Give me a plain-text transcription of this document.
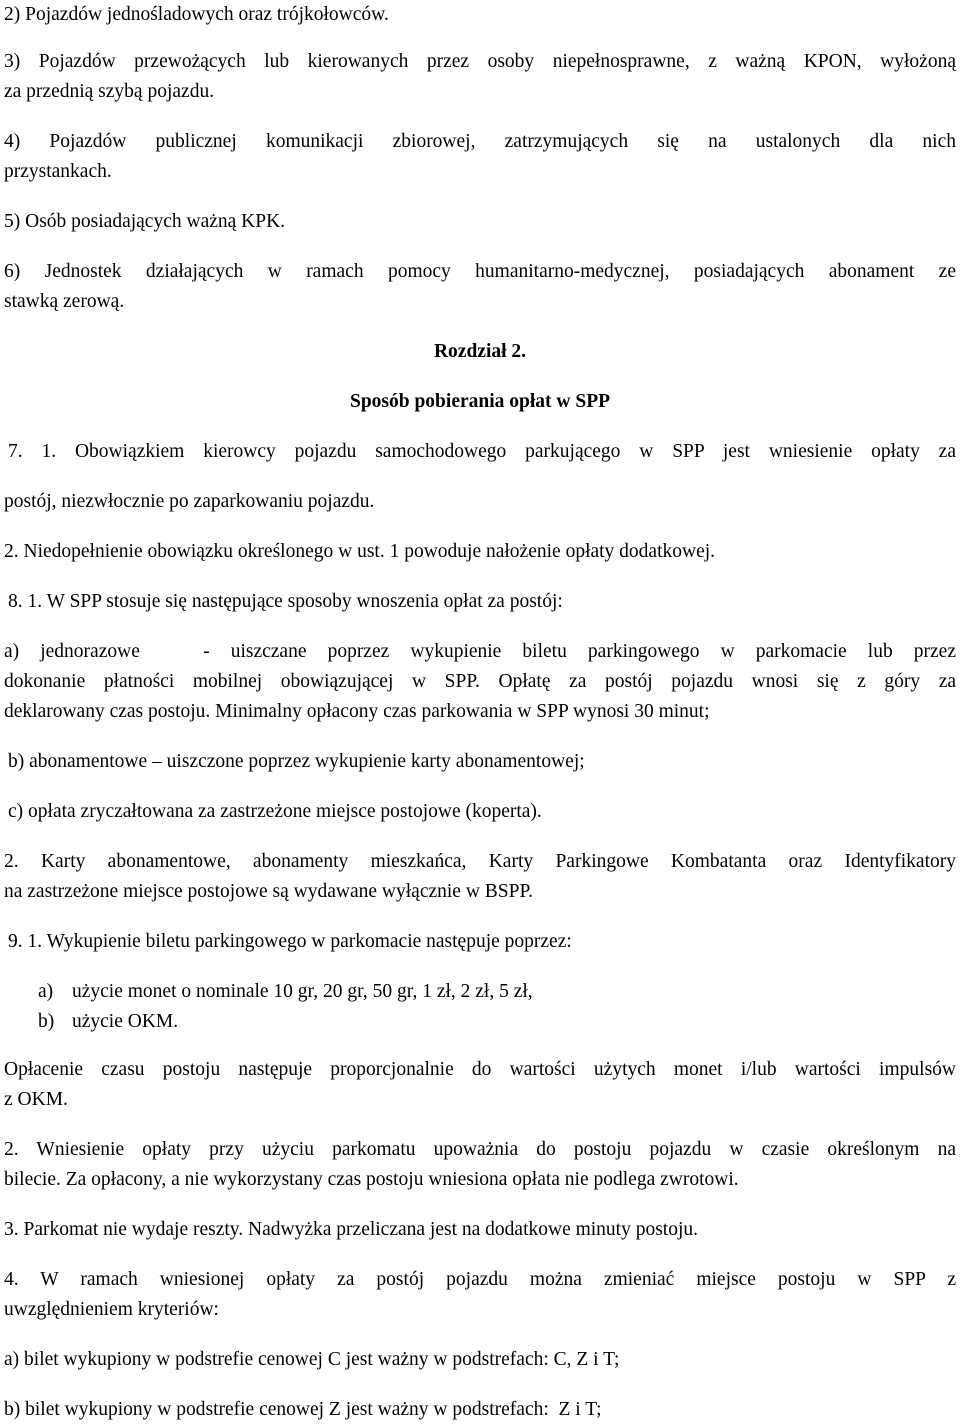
2) Pojazdów jednośladowych oraz trójkołowców.

3) Pojazdów przewożących lub kierowanych przez osoby niepełnosprawne, z ważną KPON, wyłożoną

za przednią szybą pojazdu.

4) Pojazdów publicznej komunikacji zbiorowej, zatrzymujących się na ustalonych dla nich

przystankach.

5) Osób posiadających ważną KPK.

6) Jednostek działających w ramach pomocy humanitarno-medycznej, posiadających abonament ze

stawką zerową.

Rozdział 2.

Sposób pobierania opłat w SPP

7. 1. Obowiązkiem kierowcy pojazdu samochodowego parkującego w SPP jest wniesienie opłaty za

postój, niezwłocznie po zaparkowaniu pojazdu.

2. Niedopełnienie obowiązku określonego w ust. 1 powoduje nałożenie opłaty dodatkowej.

8. 1. W SPP stosuje się następujące sposoby wnoszenia opłat za postój:

a) jednorazowe   - uiszczane poprzez wykupienie biletu parkingowego w parkomacie lub przez

dokonanie płatności mobilnej obowiązującej w SPP. Opłatę za postój pojazdu wnosi się z góry za

deklarowany czas postoju. Minimalny opłacony czas parkowania w SPP wynosi 30 minut;

b) abonamentowe – uiszczone poprzez wykupienie karty abonamentowej;

c) opłata zryczałtowana za zastrzeżone miejsce postojowe (koperta).

2. Karty abonamentowe, abonamenty mieszkańca, Karty Parkingowe Kombatanta oraz Identyfikatory

na zastrzeżone miejsce postojowe są wydawane wyłącznie w BSPP.

9. 1. Wykupienie biletu parkingowego w parkomacie następuje poprzez:

a) użycie monet o nominale 10 gr, 20 gr, 50 gr, 1 zł, 2 zł, 5 zł,
b) użycie OKM.

Opłacenie czasu postoju następuje proporcjonalnie do wartości użytych monet i/lub wartości impulsów

z OKM.

2. Wniesienie opłaty przy użyciu parkomatu upoważnia do postoju pojazdu w czasie określonym na

bilecie. Za opłacony, a nie wykorzystany czas postoju wniesiona opłata nie podlega zwrotowi.

3. Parkomat nie wydaje reszty. Nadwyżka przeliczana jest na dodatkowe minuty postoju.

4. W ramach wniesionej opłaty za postój pojazdu można zmieniać miejsce postoju w SPP z

uwzględnieniem kryteriów:

a) bilet wykupiony w podstrefie cenowej C jest ważny w podstrefach: C, Z i T;

b) bilet wykupiony w podstrefie cenowej Z jest ważny w podstrefach:  Z i T;
